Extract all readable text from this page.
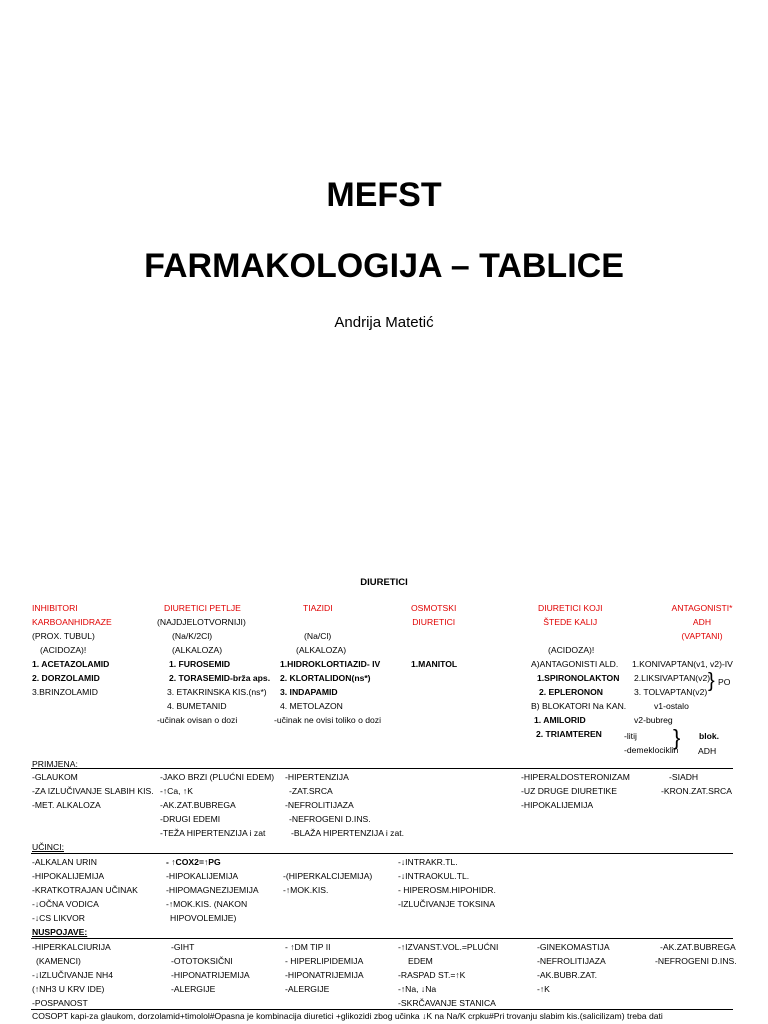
MEFST
FARMAKOLOGIJA – TABLICE
Andrija Matetić
DIURETICI
INHIBITORI
KARBOANHIDRAZE
DIURETICI PETLJE	TIAZIDI	OSMOTSKI
DIURETICI
DIURETICI KOJI
ŠTEDE KALIJ
ANTAGONISTI*
ADH
(VAPTANI)
(PROX. TUBUL)
(ACIDOZA)!
1. ACETAZOLAMID
2. DORZOLAMID
3.BRINZOLAMID
(NAJDJELOTVORNIJI)
(Na/K/2Cl)
(ALKALOZA)
1. FUROSEMID
2. TORASEMID-brža aps.
3. ETAKRINSKA KIS.(ns*)
4. BUMETANID
-učinak ovisan o dozi
(Na/Cl)
(ALKALOZA)
1.HIDROKLORTIAZID- IV
2. KLORTALIDON(ns*)
3. INDAPAMID
4. METOLAZON
-učinak ne ovisi toliko o dozi
1.MANITOL
(ACIDOZA)!
A)ANTAGONISTI ALD.
1.SPIRONOLAKTON
2. EPLERONON
B) BLOKATORI Na KAN.
1. AMILORID
2. TRIAMTEREN
1.KONIVAPTAN(v1, v2)-IV
2.LIKSIVAPTAN(v2)
3. TOLVAPTAN(v2) } PO
v1-ostalo
v2-bubreg
-litij
-demeklociklin
} blok.
ADH
PRIMJENA:
-GLAUKOM
-ZA IZLUČIVANJE SLABIH KIS.
-MET. ALKALOZA
-JAKO BRZI (PLUĆNI EDEM)
-↑Ca, ↑K
-AK.ZAT.BUBREGA
-DRUGI EDEMI
-TEŽA HIPERTENZIJA i zat
-HIPERTENZIJA
-ZAT.SRCA
-NEFROLITIJAZA
-NEFROGENI D.INS.
-BLAŽA HIPERTENZIJA i zat.
-HIPERALDOSTERONIZAM
-UZ DRUGE DIURETIKE
-HIPOKALIJEMIJA
-SIADH
-KRON.ZAT.SRCA
UČINCI:
-ALKALAN URIN
-HIPOKALIJEMIJA
-KRATKOTRAJAN UČINAK
-↓OČNA VODICA
-↓CS LIKVOR
- ↑COX2=↑PG
-HIPOKALIJEMIJA
-HIPOMAGNEZIJEMIJA
-↑MOK.KIS. (NAKON
HIPOVOLEMIJE)
-(HIPERKALCIJEMIJA)
-↑MOK.KIS.
-↓INTRAKR.TL.
-↓INTRAOKUL.TL.
- HIPEROSM.HIPOHIDR.
-IZLUČIVANJE TOKSINA
NUSPOJAVE:
-HIPERKALCIURIJA
(KAMENCI)
-↓IZLUČIVANJE NH4
(↑NH3 U KRV IDE)
-POSPANOST
-GIHT
-OTOTOKSIČNI
-HIPONATRIJEMIJA
-ALERGIJE
- ↑DM TIP II
- HIPERLIPIDEMIJA
-HIPONATRIJEMIJA
-ALERGIJE
-↑IZVANST.VOL.=PLUĆNI
EDEM
-RASPAD ST.=↑K
-↑Na, ↓Na
-SKRČAVANJE STANICA
-GINEKOMASTIJA
-NEFROLITIJAZA
-AK.BUBR.ZAT.
-↑K
-AK.ZAT.BUBREGA
-NEFROGENI D.INS.
COSOPT kapi-za glaukom, dorzolamid+timolol#Opasna je kombinacija diuretici +glikozidi zbog učinka ↓K na Na/K crpku#Pri trovanju slabim kis.(salicilizam) treba dati
